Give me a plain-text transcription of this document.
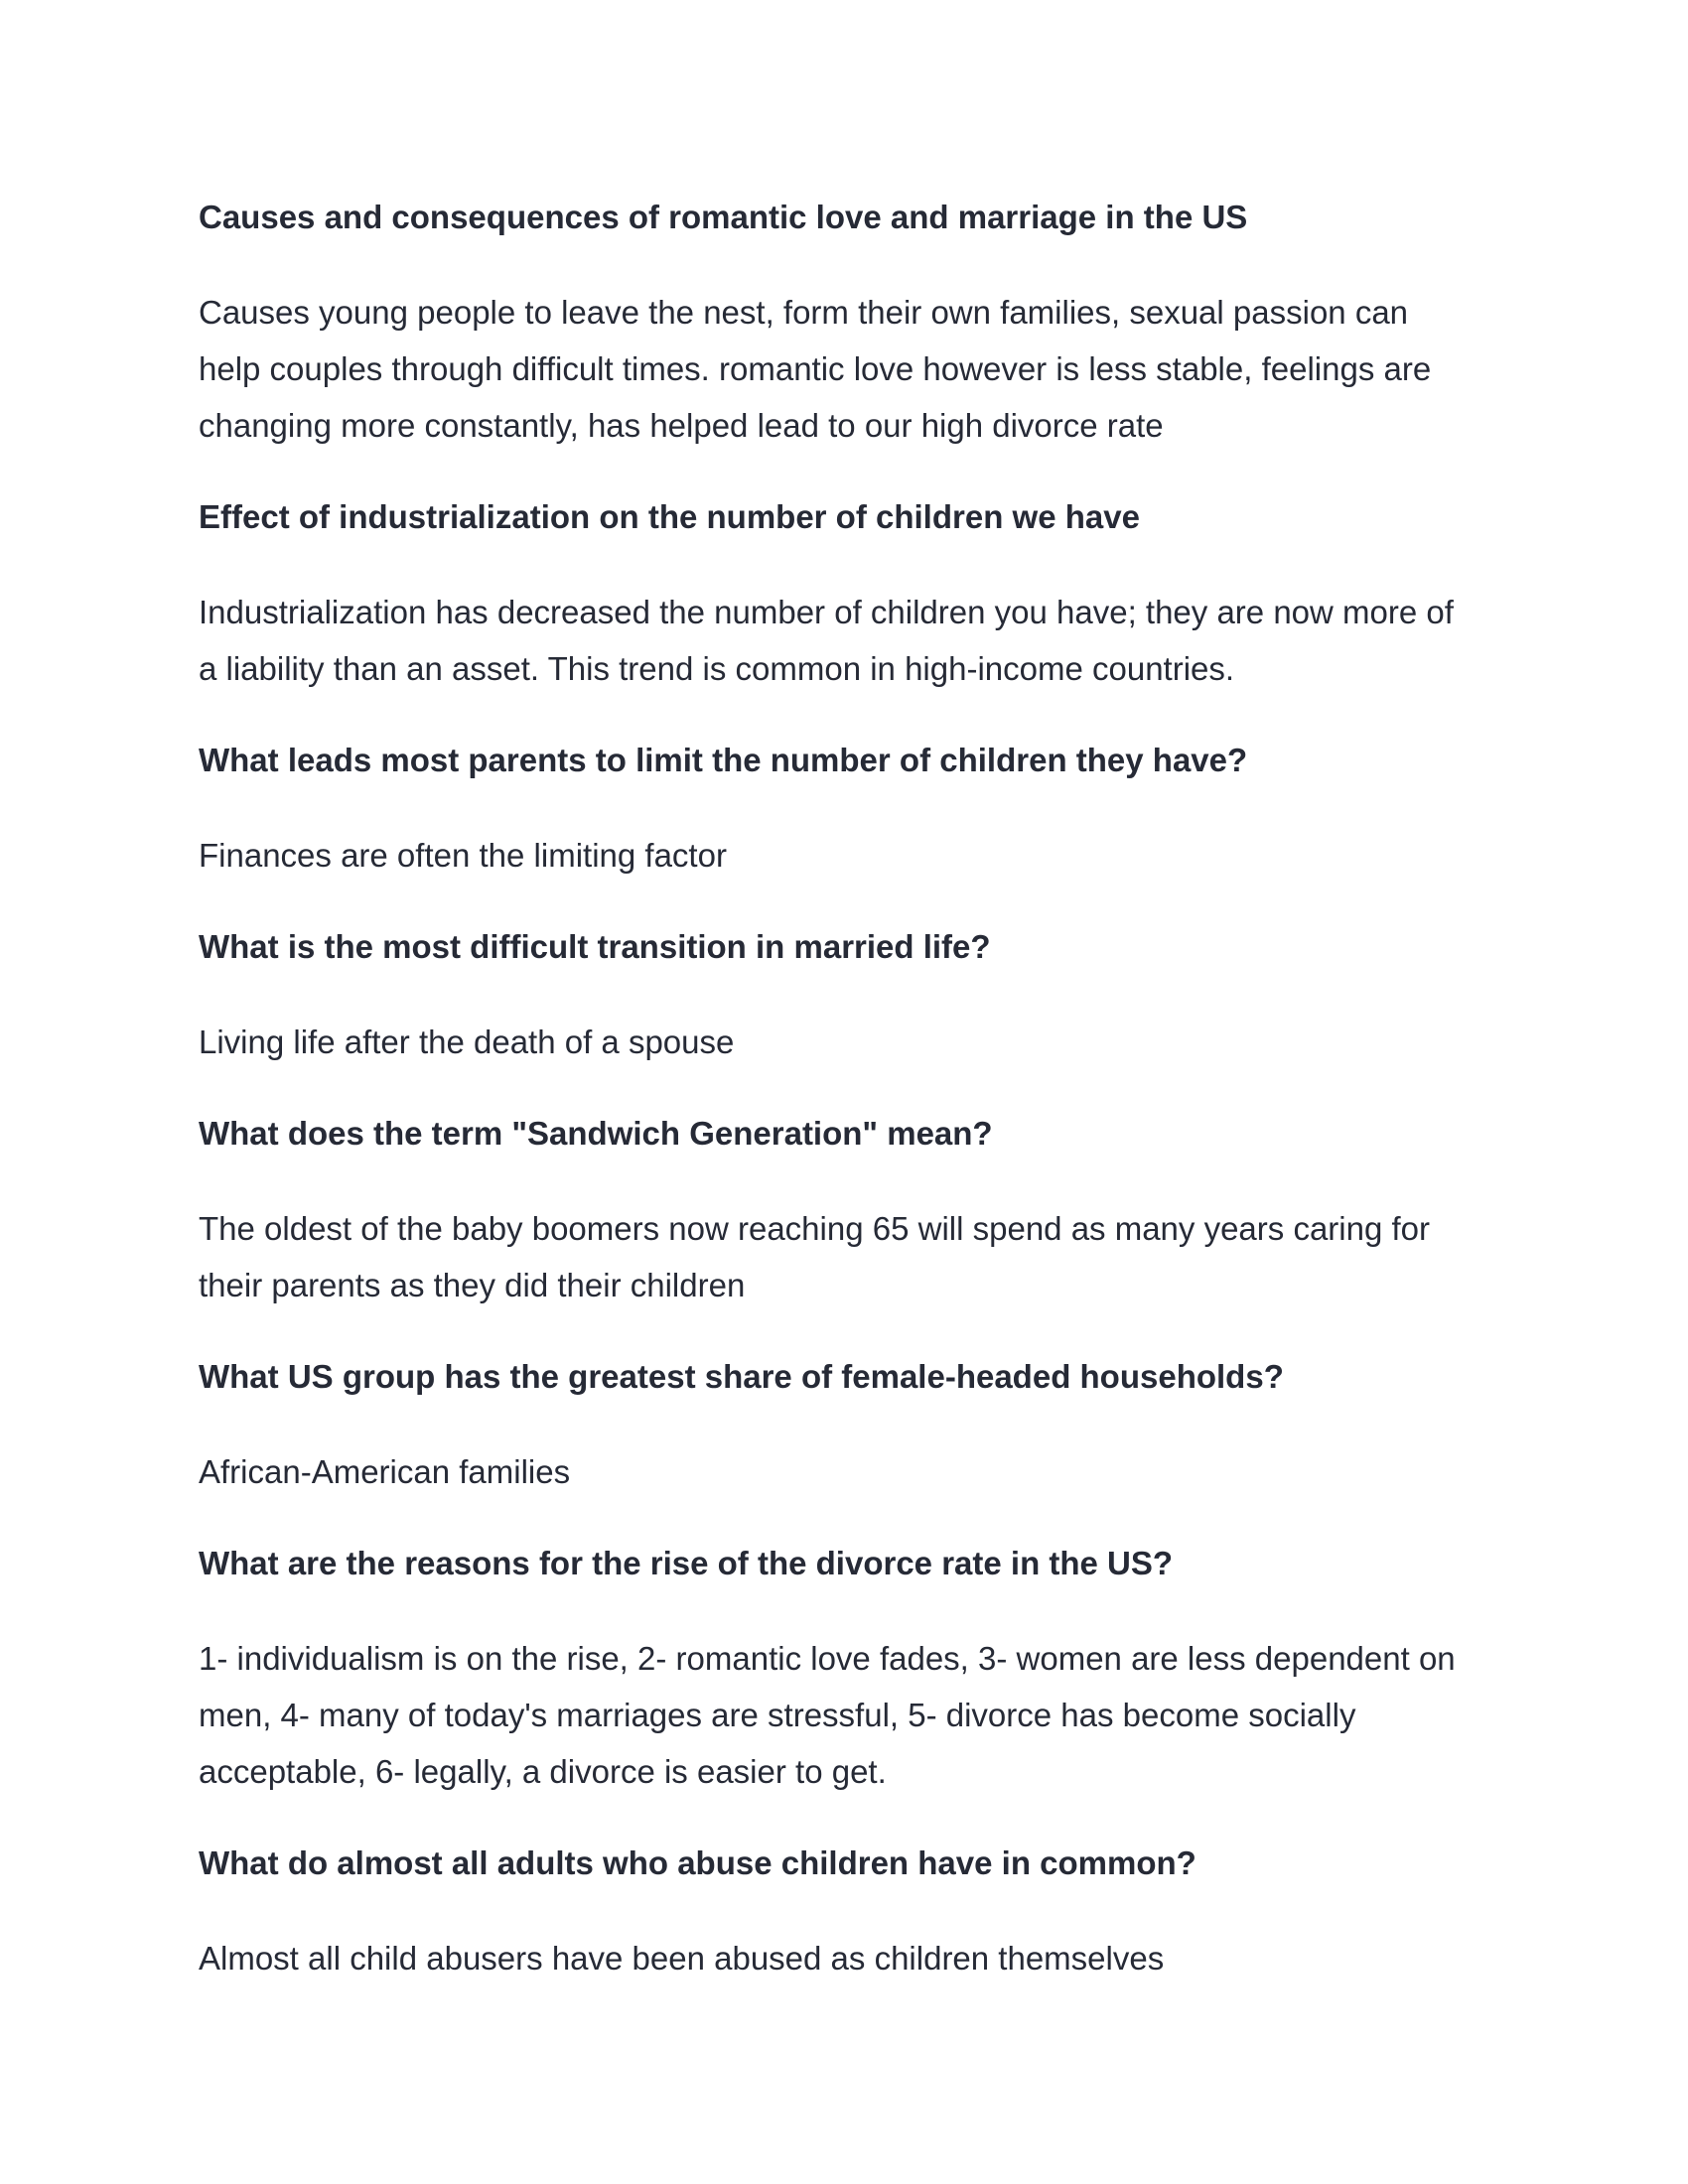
Causes and consequences of romantic love and marriage in the US

Causes young people to leave the nest, form their own families, sexual passion can
help couples through difficult times. romantic love however is less stable, feelings are
changing more constantly, has helped lead to our high divorce rate

Effect of industrialization on the number of children we have

Industrialization has decreased the number of children you have; they are now more of
a liability than an asset. This trend is common in high-income countries.

What leads most parents to limit the number of children they have?

Finances are often the limiting factor

What is the most difficult transition in married life?

Living life after the death of a spouse

What does the term "Sandwich Generation" mean?

The oldest of the baby boomers now reaching 65 will spend as many years caring for
their parents as they did their children

What US group has the greatest share of female-headed households?

African-American families

What are the reasons for the rise of the divorce rate in the US?

1- individualism is on the rise, 2- romantic love fades, 3- women are less dependent on
men, 4- many of today's marriages are stressful, 5- divorce has become socially
acceptable, 6- legally, a divorce is easier to get.

What do almost all adults who abuse children have in common?

Almost all child abusers have been abused as children themselves
